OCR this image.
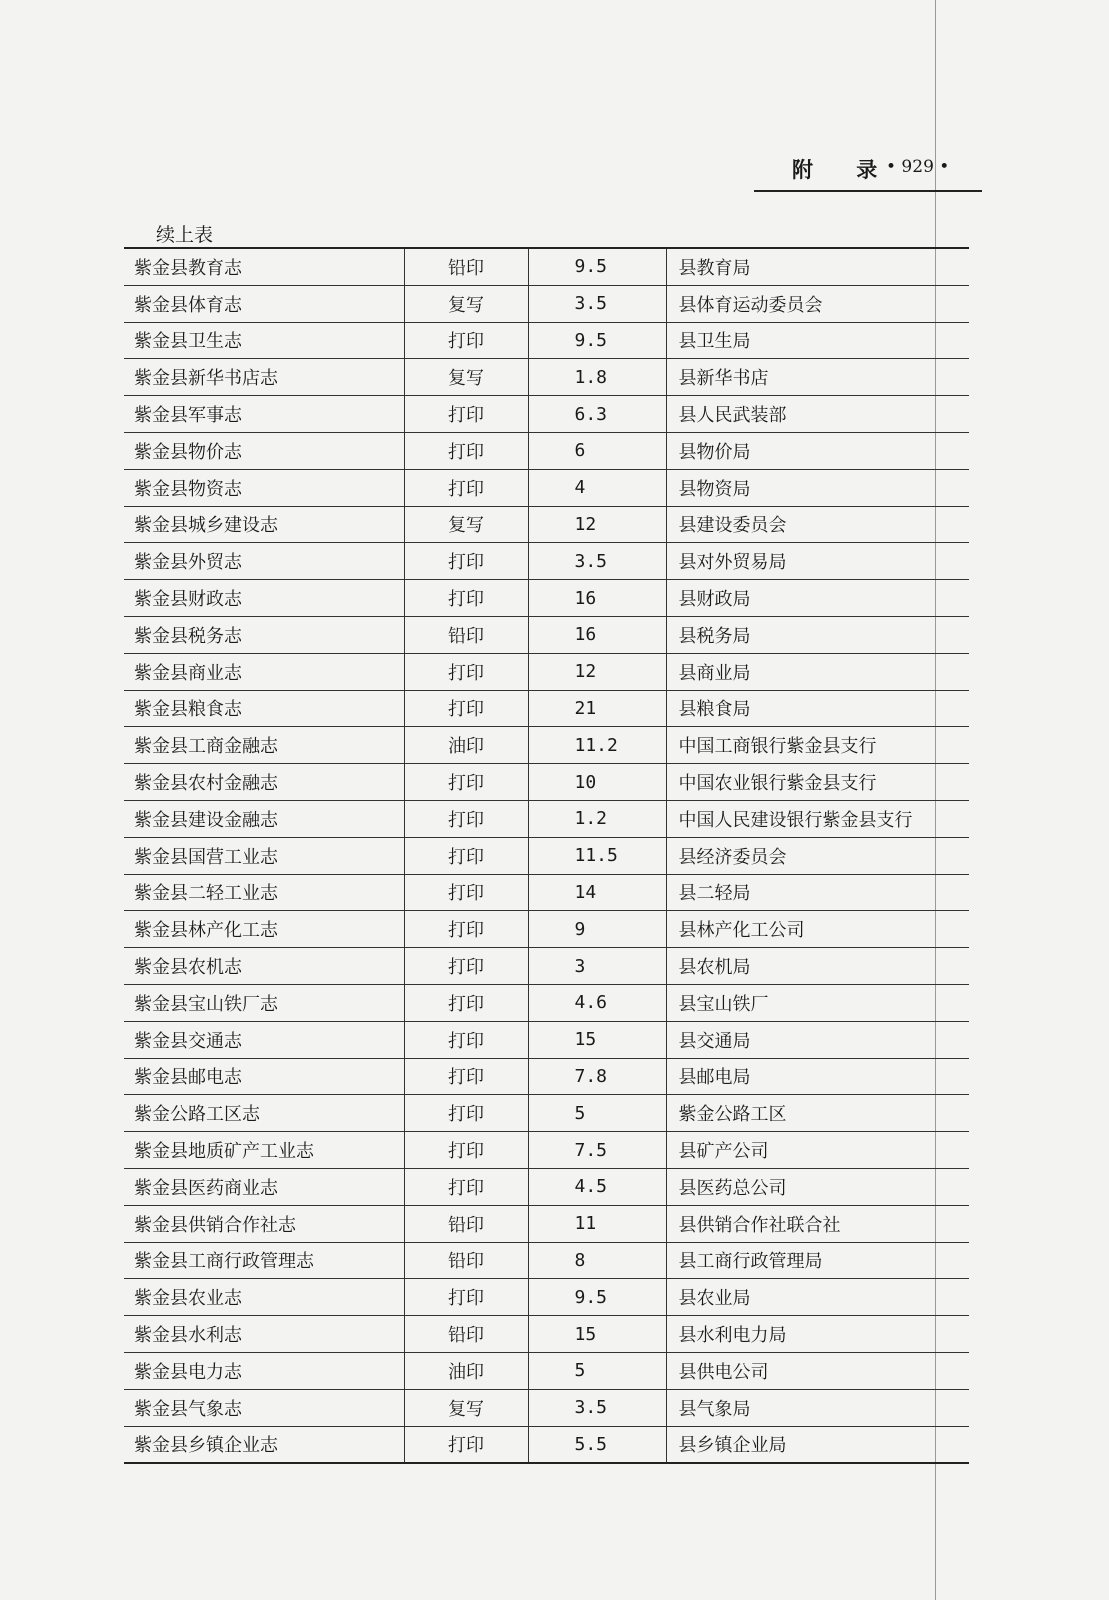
附 录
• 929 •
续上表
紫金县教育志	铅印	9.5	县教育局
紫金县体育志	复写	3.5	县体育运动委员会
紫金县卫生志	打印	9.5	县卫生局
紫金县新华书店志	复写	1.8	县新华书店
紫金县军事志	打印	6.3	县人民武装部
紫金县物价志	打印	6	县物价局
紫金县物资志	打印	4	县物资局
紫金县城乡建设志	复写	12	县建设委员会
紫金县外贸志	打印	3.5	县对外贸易局
紫金县财政志	打印	16	县财政局
紫金县税务志	铅印	16	县税务局
紫金县商业志	打印	12	县商业局
紫金县粮食志	打印	21	县粮食局
紫金县工商金融志	油印	11.2	中国工商银行紫金县支行
紫金县农村金融志	打印	10	中国农业银行紫金县支行
紫金县建设金融志	打印	1.2	中国人民建设银行紫金县支行
紫金县国营工业志	打印	11.5	县经济委员会
紫金县二轻工业志	打印	14	县二轻局
紫金县林产化工志	打印	9	县林产化工公司
紫金县农机志	打印	3	县农机局
紫金县宝山铁厂志	打印	4.6	县宝山铁厂
紫金县交通志	打印	15	县交通局
紫金县邮电志	打印	7.8	县邮电局
紫金公路工区志	打印	5	紫金公路工区
紫金县地质矿产工业志	打印	7.5	县矿产公司
紫金县医药商业志	打印	4.5	县医药总公司
紫金县供销合作社志	铅印	11	县供销合作社联合社
紫金县工商行政管理志	铅印	8	县工商行政管理局
紫金县农业志	打印	9.5	县农业局
紫金县水利志	铅印	15	县水利电力局
紫金县电力志	油印	5	县供电公司
紫金县气象志	复写	3.5	县气象局
紫金县乡镇企业志	打印	5.5	县乡镇企业局
